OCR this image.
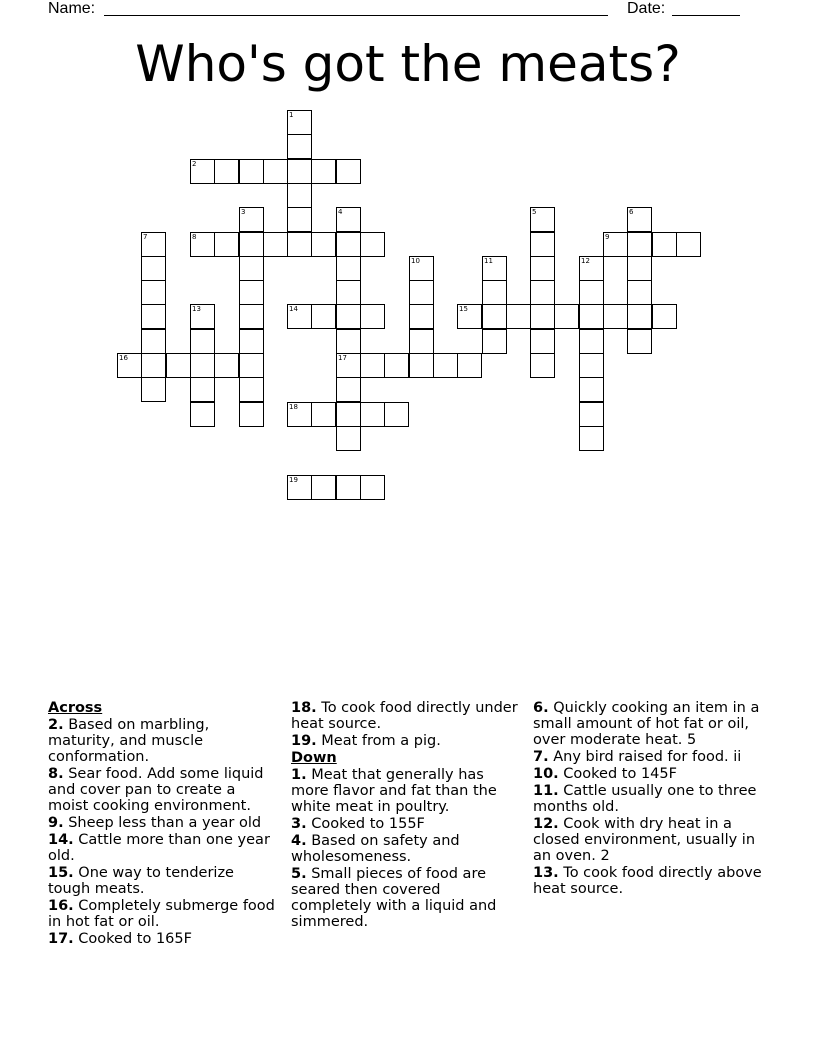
Name:	Date:
Who's got the meats?
1
2
3	4
17
5	6
7	8	9
10	11	12
13	14	15
16
18
19
Across
2. Based on marbling, maturity, and muscle conformation.
8. Sear food. Add some liquid and cover pan to create a moist cooking environment.
9. Sheep less than a year old
14. Cattle more than one year old.
15. One way to tenderize tough meats.
16. Completely submerge food in hot fat or oil.
17. Cooked to 165F
18. To cook food directly under heat source.
19. Meat from a pig.
Down
1. Meat that generally has more flavor and fat than the white meat in poultry.
3. Cooked to 155F
4. Based on safety and wholesomeness.
5. Small pieces of food are seared then covered completely with a liquid and simmered.
6. Quickly cooking an item in a small amount of hot fat or oil, over moderate heat. 5
7. Any bird raised for food. ii
10. Cooked to 145F
11. Cattle usually one to three months old.
12. Cook with dry heat in a closed environment, usually in an oven. 2
13. To cook food directly above heat source.
